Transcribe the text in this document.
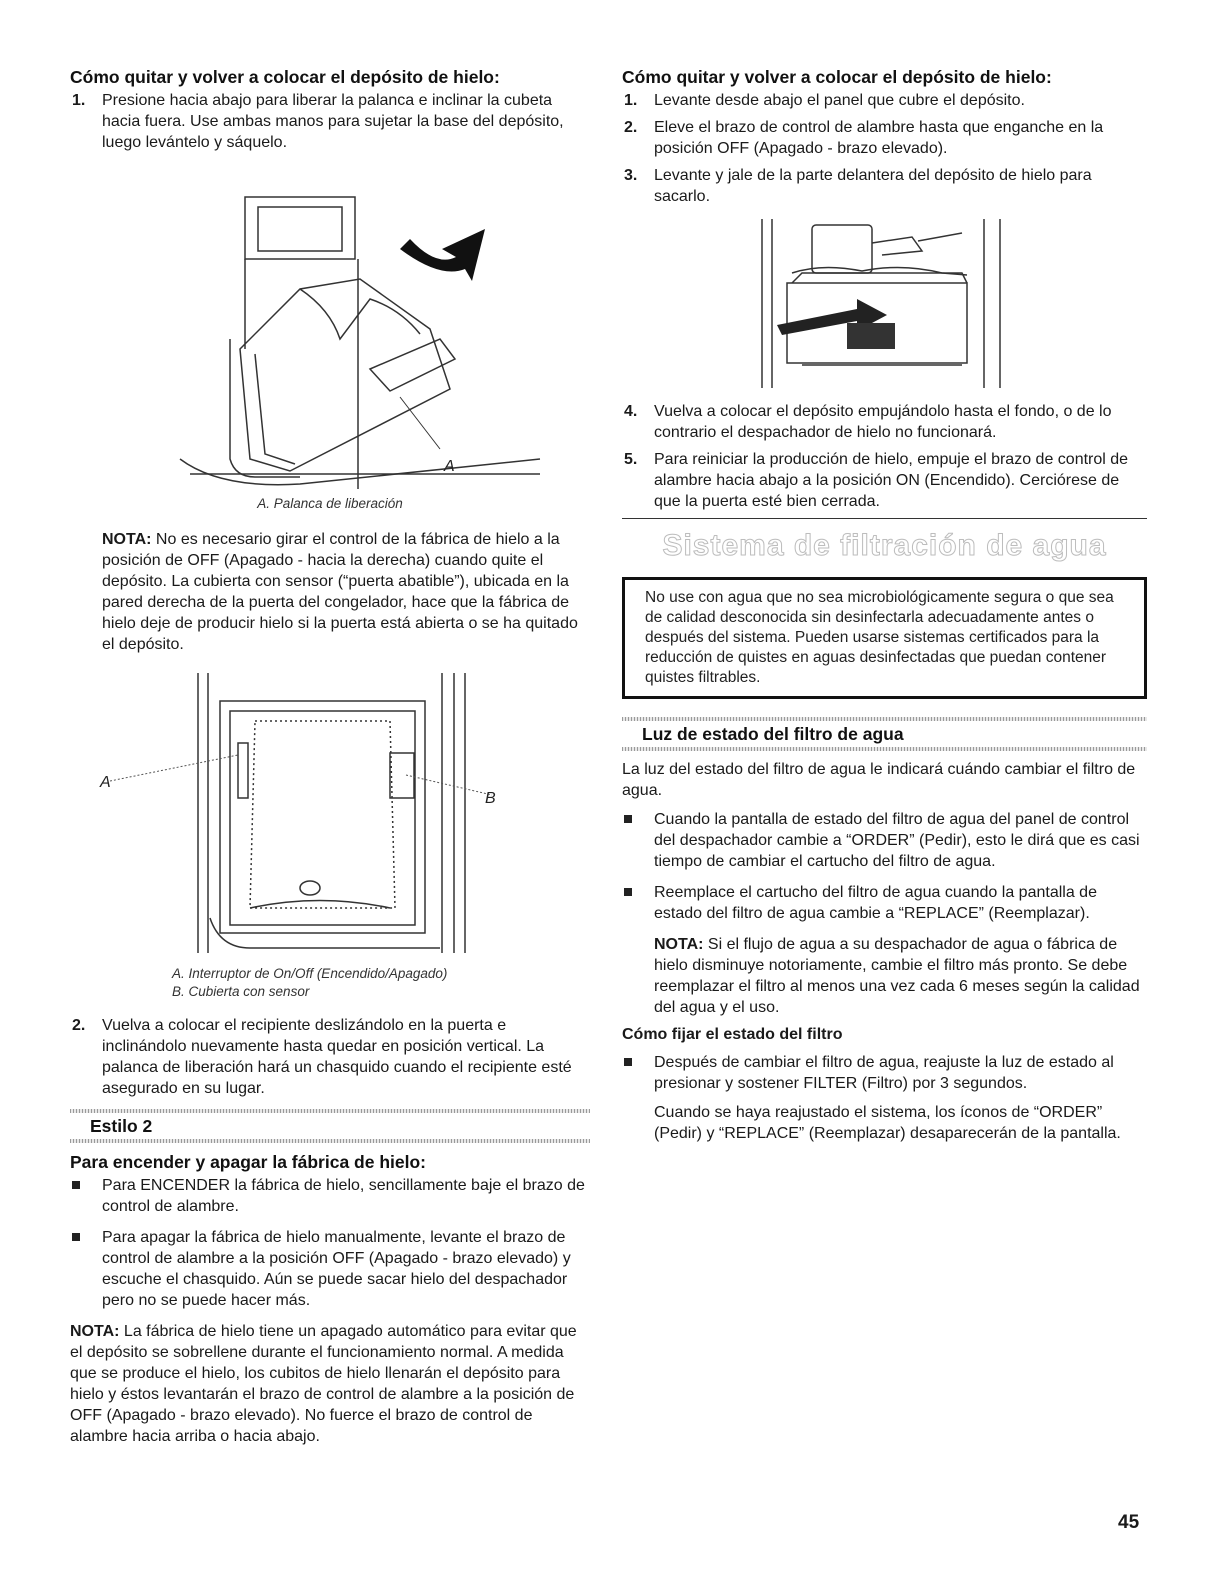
Cómo quitar y volver a colocar el depósito de hielo:
1. Presione hacia abajo para liberar la palanca e inclinar la cubeta hacia fuera. Use ambas manos para sujetar la base del depósito, luego levántelo y sáquelo.
A
A. Palanca de liberación

NOTA: No es necesario girar el control de la fábrica de hielo a la posición de OFF (Apagado - hacia la derecha) cuando quite el depósito. La cubierta con sensor (“puerta abatible”), ubicada en la pared derecha de la puerta del congelador, hace que la fábrica de hielo deje de producir hielo si la puerta está abierta o se ha quitado el depósito.

A
B
A. Interruptor de On/Off (Encendido/Apagado)
B. Cubierta con sensor
2. Vuelva a colocar el recipiente deslizándolo en la puerta e inclinándolo nuevamente hasta quedar en posición vertical. La palanca de liberación hará un chasquido cuando el recipiente esté asegurado en su lugar.
Estilo 2
Para encender y apagar la fábrica de hielo:
Para ENCENDER la fábrica de hielo, sencillamente baje el brazo de control de alambre.
Para apagar la fábrica de hielo manualmente, levante el brazo de control de alambre a la posición OFF (Apagado - brazo elevado) y escuche el chasquido. Aún se puede sacar hielo del despachador pero no se puede hacer más.

NOTA: La fábrica de hielo tiene un apagado automático para evitar que el depósito se sobrellene durante el funcionamiento normal. A medida que se produce el hielo, los cubitos de hielo llenarán el depósito para hielo y éstos levantarán el brazo de control de alambre a la posición de OFF (Apagado - brazo elevado). No fuerce el brazo de control de alambre hacia arriba o hacia abajo.

Cómo quitar y volver a colocar el depósito de hielo:
1. Levante desde abajo el panel que cubre el depósito.
2. Eleve el brazo de control de alambre hasta que enganche en la posición OFF (Apagado - brazo elevado).
3. Levante y jale de la parte delantera del depósito de hielo para sacarlo.
4. Vuelva a colocar el depósito empujándolo hasta el fondo, o de lo contrario el despachador de hielo no funcionará.
5. Para reiniciar la producción de hielo, empuje el brazo de control de alambre hacia abajo a la posición ON (Encendido). Cerciórese de que la puerta esté bien cerrada.
Sistema de filtración de agua
No use con agua que no sea microbiológicamente segura o que sea de calidad desconocida sin desinfectarla adecuadamente antes o después del sistema. Pueden usarse sistemas certificados para la reducción de quistes en aguas desinfectadas que puedan contener quistes filtrables.
Luz de estado del filtro de agua

La luz del estado del filtro de agua le indicará cuándo cambiar el filtro de agua.

Cuando la pantalla de estado del filtro de agua del panel de control del despachador cambie a “ORDER” (Pedir), esto le dirá que es casi tiempo de cambiar el cartucho del filtro de agua.
Reemplace el cartucho del filtro de agua cuando la pantalla de estado del filtro de agua cambie a “REPLACE” (Reemplazar).

NOTA: Si el flujo de agua a su despachador de agua o fábrica de hielo disminuye notoriamente, cambie el filtro más pronto. Se debe reemplazar el filtro al menos una vez cada 6 meses según la calidad del agua y el uso.

Cómo fijar el estado del filtro
Después de cambiar el filtro de agua, reajuste la luz de estado al presionar y sostener FILTER (Filtro) por 3 segundos.

Cuando se haya reajustado el sistema, los íconos de “ORDER” (Pedir) y “REPLACE” (Reemplazar) desaparecerán de la pantalla.

45
